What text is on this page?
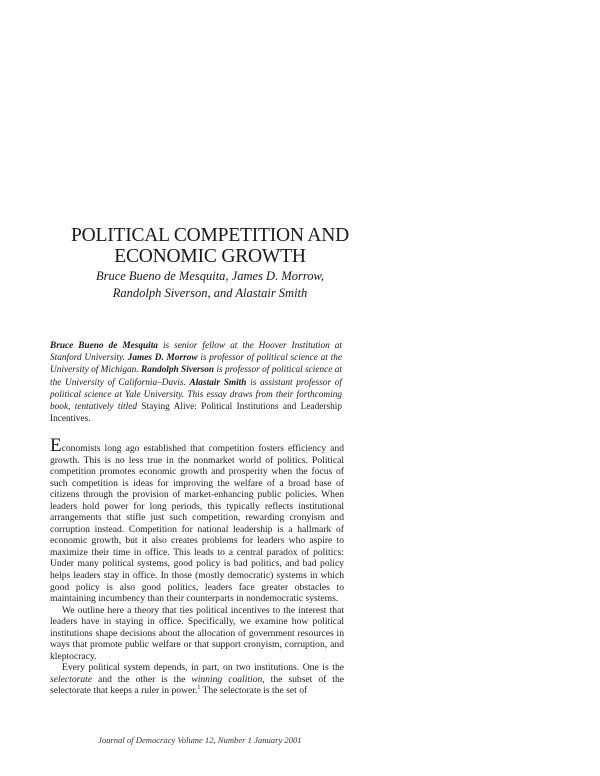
POLITICAL COMPETITION AND
ECONOMIC GROWTH
Bruce Bueno de Mesquita, James D. Morrow,
Randolph Siverson, and Alastair Smith
Bruce Bueno de Mesquita is senior fellow at the Hoover Institution at Stanford University. James D. Morrow is professor of political science at the University of Michigan. Randolph Siverson is professor of political science at the University of California–Davis. Alastair Smith is assistant professor of political science at Yale University. This essay draws from their forthcoming book, tentatively titled Staying Alive: Political Institutions and Leadership Incentives.

Economists long ago established that competition fosters efficiency and growth. This is no less true in the nonmarket world of politics. Political competition promotes economic growth and prosperity when the focus of such competition is ideas for improving the welfare of a broad base of citizens through the provision of market-enhancing public policies. When leaders hold power for long periods, this typically reflects institutional arrangements that stifle just such competition, rewarding cronyism and corruption instead. Competition for national leadership is a hallmark of economic growth, but it also creates problems for leaders who aspire to maximize their time in office. This leads to a central paradox of politics: Under many political systems, good policy is bad politics, and bad policy helps leaders stay in office. In those (mostly democratic) systems in which good policy is also good politics, leaders face greater obstacles to maintaining incumbency than their counterparts in nondemocratic systems.

We outline here a theory that ties political incentives to the interest that leaders have in staying in office. Specifically, we examine how political institutions shape decisions about the allocation of government resources in ways that promote public welfare or that support cronyism, corruption, and kleptocracy.

Every political system depends, in part, on two institutions. One is the selectorate and the other is the winning coalition, the subset of the selectorate that keeps a ruler in power.$^1$ The selectorate is the set of

Journal of Democracy Volume 12, Number 1 January 2001
